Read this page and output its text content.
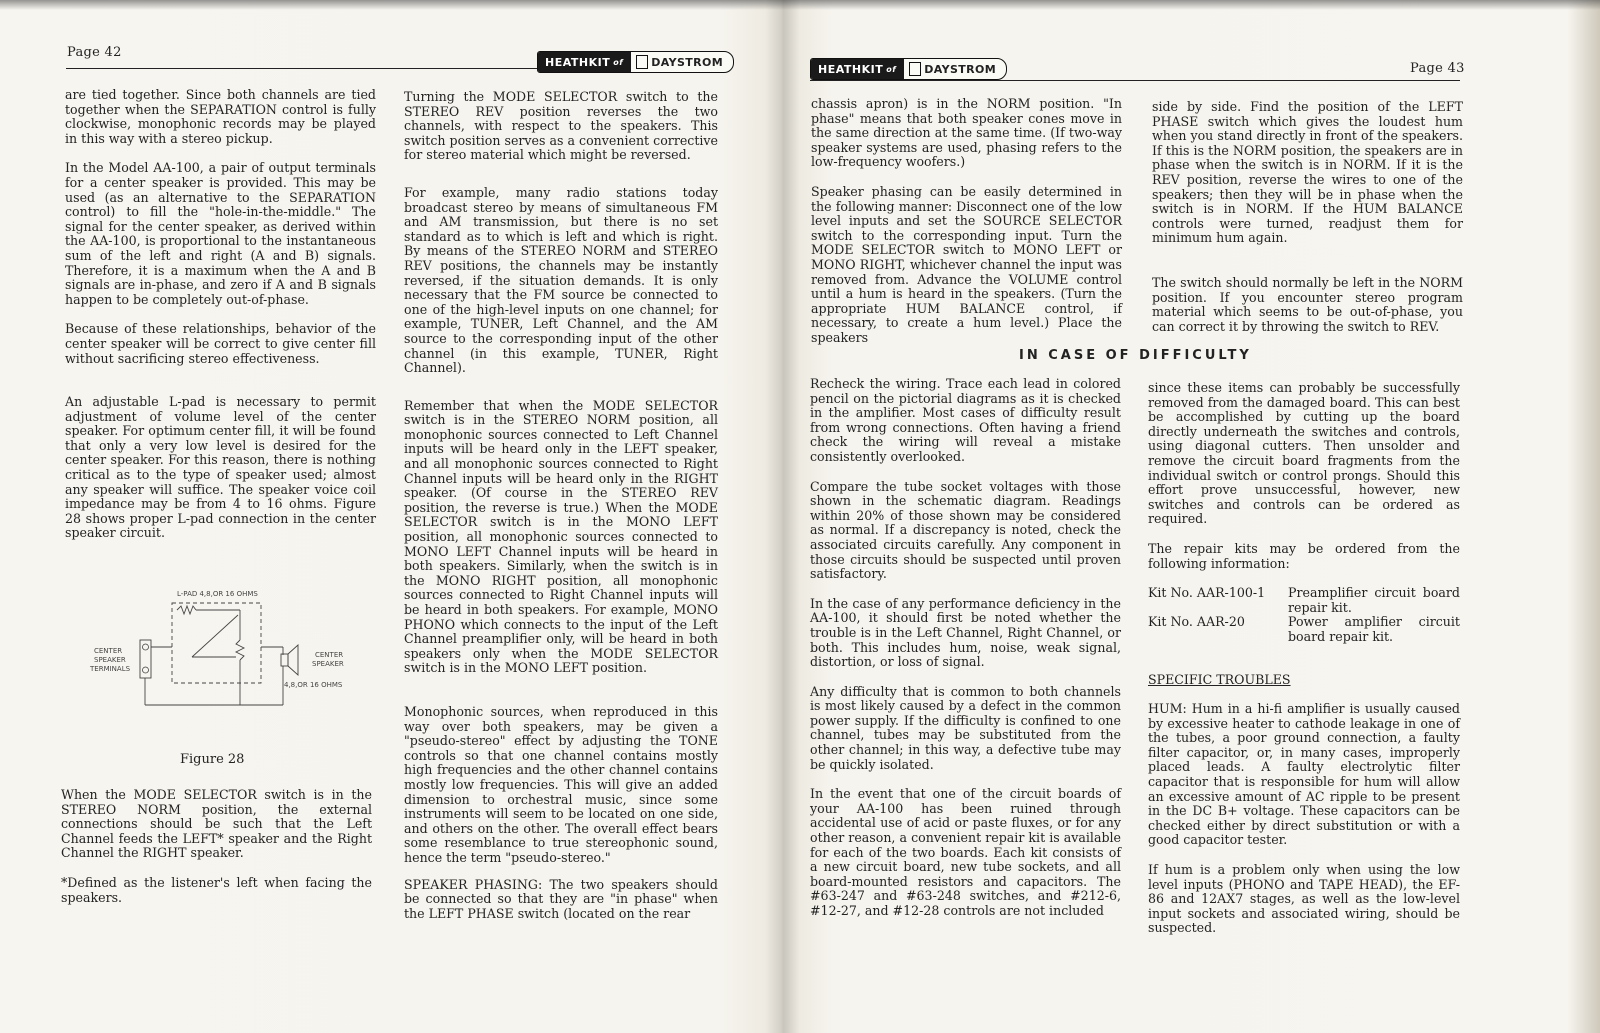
Page 42
HEATHKIT of	DAYSTROM

are tied together. Since both channels are tied together when the SEPARATION control is fully clockwise, monophonic records may be played in this way with a stereo pickup.

In the Model AA-100, a pair of output terminals for a center speaker is provided. This may be used (as an alternative to the SEPARATION control) to fill the "hole-in-the-middle." The signal for the center speaker, as derived within the AA-100, is proportional to the instantaneous sum of the left and right (A and B) signals. Therefore, it is a maximum when the A and B signals are in-phase, and zero if A and B signals happen to be completely out-of-phase.

Because of these relationships, behavior of the center speaker will be correct to give center fill without sacrificing stereo effectiveness.

An adjustable L-pad is necessary to permit adjustment of volume level of the center speaker. For optimum center fill, it will be found that only a very low level is desired for the center speaker. For this reason, there is nothing critical as to the type of speaker used; almost any speaker will suffice. The speaker voice coil impedance may be from 4 to 16 ohms. Figure 28 shows proper L-pad connection in the center speaker circuit.

L-PAD 4,8,OR 16 OHMS
CENTER
SPEAKER
TERMINALS
CENTER
SPEAKER
4,8,OR 16 OHMS
Figure 28

When the MODE SELECTOR switch is in the STEREO NORM position, the external connections should be such that the Left Channel feeds the LEFT* speaker and the Right Channel the RIGHT speaker.

*Defined as the listener's left when facing the speakers.

Turning the MODE SELECTOR switch to the STEREO REV position reverses the two channels, with respect to the speakers. This switch position serves as a convenient corrective for stereo material which might be reversed.

For example, many radio stations today broadcast stereo by means of simultaneous FM and AM transmission, but there is no set standard as to which is left and which is right. By means of the STEREO NORM and STEREO REV positions, the channels may be instantly reversed, if the situation demands. It is only necessary that the FM source be connected to one of the high-level inputs on one channel; for example, TUNER, Left Channel, and the AM source to the corresponding input of the other channel (in this example, TUNER, Right Channel).

Remember that when the MODE SELECTOR switch is in the STEREO NORM position, all monophonic sources connected to Left Channel inputs will be heard only in the LEFT speaker, and all monophonic sources connected to Right Channel inputs will be heard only in the RIGHT speaker. (Of course in the STEREO REV position, the reverse is true.) When the MODE SELECTOR switch is in the MONO LEFT position, all monophonic sources connected to MONO LEFT Channel inputs will be heard in both speakers. Similarly, when the switch is in the MONO RIGHT position, all monophonic sources connected to Right Channel inputs will be heard in both speakers. For example, MONO PHONO which connects to the input of the Left Channel preamplifier only, will be heard in both speakers only when the MODE SELECTOR switch is in the MONO LEFT position.

Monophonic sources, when reproduced in this way over both speakers, may be given a "pseudo-stereo" effect by adjusting the TONE controls so that one channel contains mostly high frequencies and the other channel contains mostly low frequencies. This will give an added dimension to orchestral music, since some instruments will seem to be located on one side, and others on the other. The overall effect bears some resemblance to true stereophonic sound, hence the term "pseudo-stereo."

SPEAKER PHASING: The two speakers should be connected so that they are "in phase" when the LEFT PHASE switch (located on the rear

HEATHKIT of	DAYSTROM	Page 43

chassis apron) is in the NORM position. "In phase" means that both speaker cones move in the same direction at the same time. (If two-way speaker systems are used, phasing refers to the low-frequency woofers.)

Speaker phasing can be easily determined in the following manner: Disconnect one of the low level inputs and set the SOURCE SELECTOR switch to the corresponding input. Turn the MODE SELECTOR switch to MONO LEFT or MONO RIGHT, whichever channel the input was removed from. Advance the VOLUME control until a hum is heard in the speakers. (Turn the appropriate HUM BALANCE control, if necessary, to create a hum level.) Place the speakers

side by side. Find the position of the LEFT PHASE switch which gives the loudest hum when you stand directly in front of the speakers. If this is the NORM position, the speakers are in phase when the switch is in NORM. If it is the REV position, reverse the wires to one of the speakers; then they will be in phase when the switch is in NORM. If the HUM BALANCE controls were turned, readjust them for minimum hum again.

The switch should normally be left in the NORM position. If you encounter stereo program material which seems to be out-of-phase, you can correct it by throwing the switch to REV.

IN CASE OF DIFFICULTY

Recheck the wiring. Trace each lead in colored pencil on the pictorial diagrams as it is checked in the amplifier. Most cases of difficulty result from wrong connections. Often having a friend check the wiring will reveal a mistake consistently overlooked.

Compare the tube socket voltages with those shown in the schematic diagram. Readings within 20% of those shown may be considered as normal. If a discrepancy is noted, check the associated circuits carefully. Any component in those circuits should be suspected until proven satisfactory.

In the case of any performance deficiency in the AA-100, it should first be noted whether the trouble is in the Left Channel, Right Channel, or both. This includes hum, noise, weak signal, distortion, or loss of signal.

Any difficulty that is common to both channels is most likely caused by a defect in the common power supply. If the difficulty is confined to one channel, tubes may be substituted from the other channel; in this way, a defective tube may be quickly isolated.

In the event that one of the circuit boards of your AA-100 has been ruined through accidental use of acid or paste fluxes, or for any other reason, a convenient repair kit is available for each of the two boards. Each kit consists of a new circuit board, new tube sockets, and all board-mounted resistors and capacitors. The #63-247 and #63-248 switches, and #212-6, #12-27, and #12-28 controls are not included

since these items can probably be successfully removed from the damaged board. This can best be accomplished by cutting up the board directly underneath the switches and controls, using diagonal cutters. Then unsolder and remove the circuit board fragments from the individual switch or control prongs. Should this effort prove unsuccessful, however, new switches and controls can be ordered as required.

The repair kits may be ordered from the following information:

Kit No. AAR-100-1	Preamplifier circuit board repair kit.
Kit No. AAR-20	Power amplifier circuit board repair kit.

SPECIFIC TROUBLES

HUM: Hum in a hi-fi amplifier is usually caused by excessive heater to cathode leakage in one of the tubes, a poor ground connection, a faulty filter capacitor, or, in many cases, improperly placed leads. A faulty electrolytic filter capacitor that is responsible for hum will allow an excessive amount of AC ripple to be present in the DC B+ voltage. These capacitors can be checked either by direct substitution or with a good capacitor tester.

If hum is a problem only when using the low level inputs (PHONO and TAPE HEAD), the EF-86 and 12AX7 stages, as well as the low-level input sockets and associated wiring, should be suspected.
